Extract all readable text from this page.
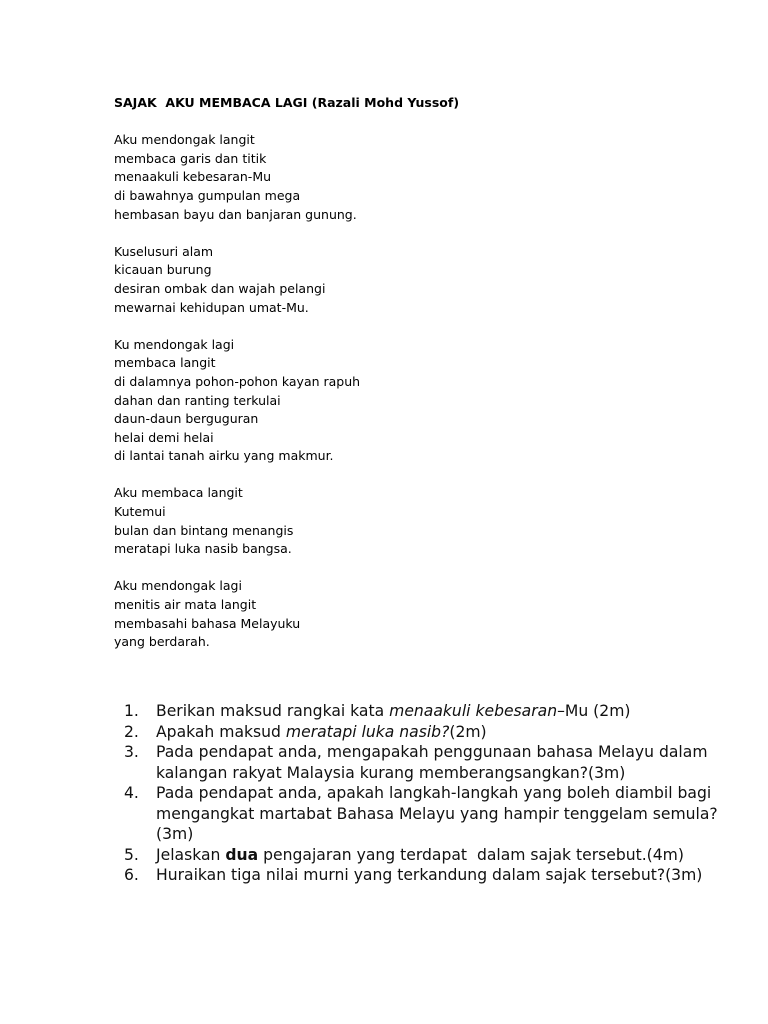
SAJAK  AKU MEMBACA LAGI (Razali Mohd Yussof)
Aku mendongak langit
membaca garis dan titik
menaakuli kebesaran-Mu
di bawahnya gumpulan mega
hembasan bayu dan banjaran gunung.
Kuselusuri alam
kicauan burung
desiran ombak dan wajah pelangi
mewarnai kehidupan umat-Mu.
Ku mendongak lagi
membaca langit
di dalamnya pohon-pohon kayan rapuh
dahan dan ranting terkulai
daun-daun berguguran
helai demi helai
di lantai tanah airku yang makmur.
Aku membaca langit
Kutemui
bulan dan bintang menangis
meratapi luka nasib bangsa.
Aku mendongak lagi
menitis air mata langit
membasahi bahasa Melayuku
yang berdarah.
1.	Berikan maksud rangkai kata menaakuli kebesaran–Mu (2m)
2.	Apakah maksud meratapi luka nasib?(2m)
3.	Pada pendapat anda, mengapakah penggunaan bahasa Melayu dalam kalangan rakyat Malaysia kurang memberangsangkan?(3m)
4.	Pada pendapat anda, apakah langkah-langkah yang boleh diambil bagi mengangkat martabat Bahasa Melayu yang hampir tenggelam semula?(3m)
5.	Jelaskan dua pengajaran yang terdapat  dalam sajak tersebut.(4m)
6.	Huraikan tiga nilai murni yang terkandung dalam sajak tersebut?(3m)
